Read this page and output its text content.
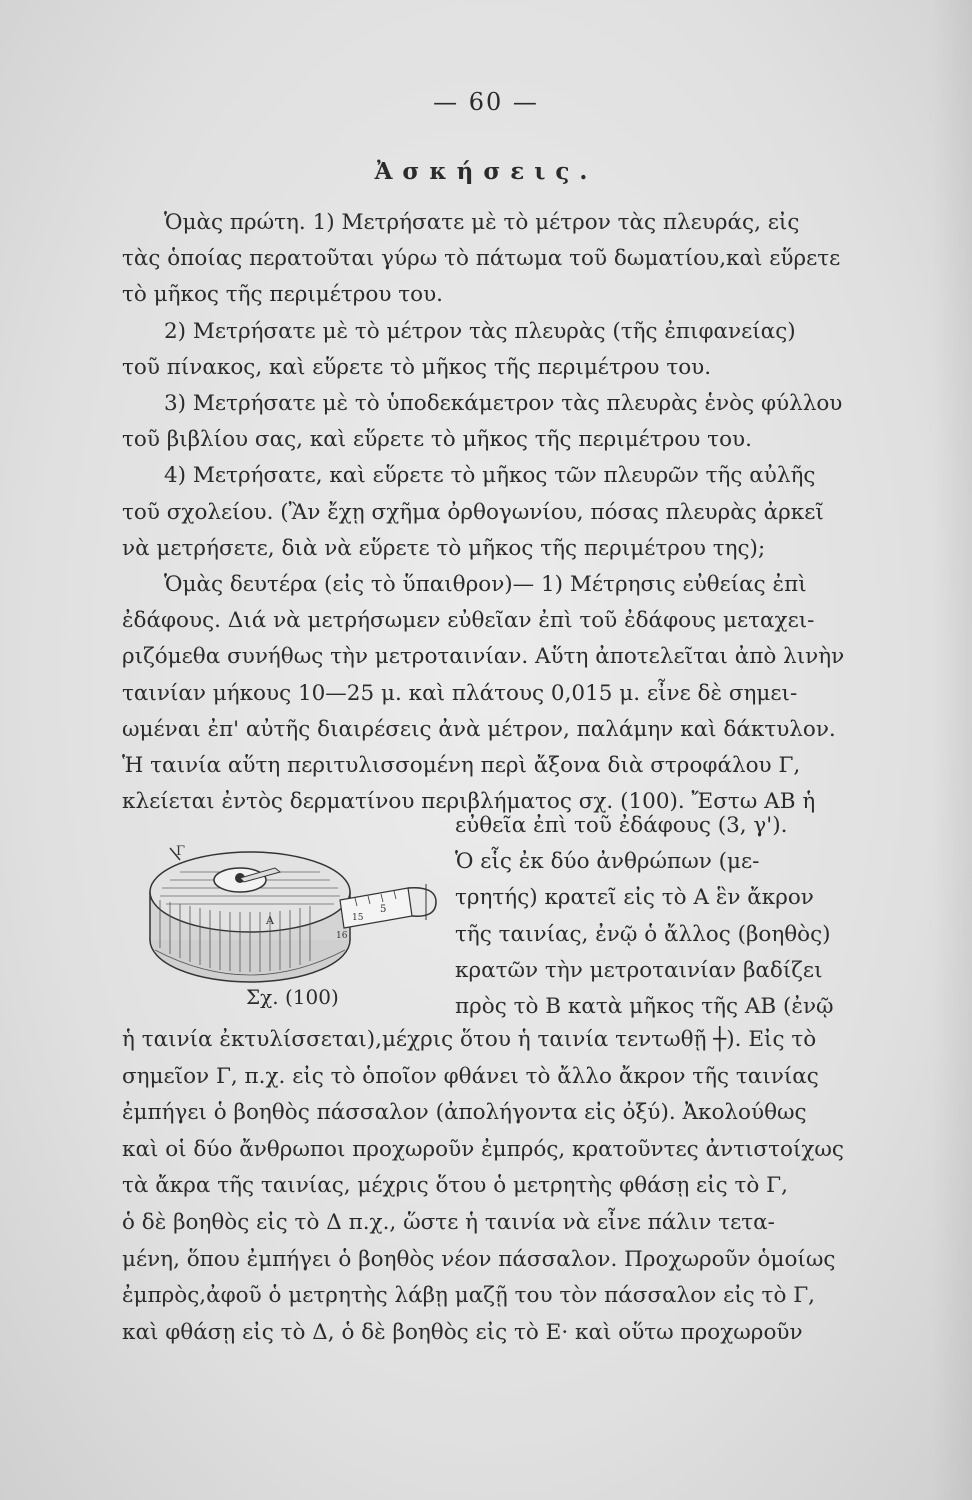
— 60 —
Ἀσκήσεις.
Ὁμὰς πρώτη. 1) Μετρήσατε μὲ τὸ μέτρον τὰς πλευράς, εἰς
τὰς ὁποίας περατοῦται γύρω τὸ πάτωμα τοῦ δωματίου,καὶ εὕρετε
τὸ μῆκος τῆς περιμέτρου του.
2) Μετρήσατε μὲ τὸ μέτρον τὰς πλευρὰς (τῆς ἐπιφανείας)
τοῦ πίνακος, καὶ εὕρετε τὸ μῆκος τῆς περιμέτρου του.
3) Μετρήσατε μὲ τὸ ὑποδεκάμετρον τὰς πλευρὰς ἑνὸς φύλλου
τοῦ βιβλίου σας, καὶ εὕρετε τὸ μῆκος τῆς περιμέτρου του.
4) Μετρήσατε, καὶ εὕρετε τὸ μῆκος τῶν πλευρῶν τῆς αὐλῆς
τοῦ σχολείου. (Ἂν ἔχῃ σχῆμα ὀρθογωνίου, πόσας πλευρὰς ἀρκεῖ
νὰ μετρήσετε, διὰ νὰ εὕρετε τὸ μῆκος τῆς περιμέτρου της);
Ὁμὰς δευτέρα (εἰς τὸ ὕπαιθρον)— 1) Μέτρησις εὐθείας ἐπὶ
ἐδάφους. Διά νὰ μετρήσωμεν εὐθεῖαν ἐπὶ τοῦ ἐδάφους μεταχει-
ριζόμεθα συνήθως τὴν μετροταινίαν. Αὕτη ἀποτελεῖται ἀπὸ λινὴν
ταινίαν μήκους 10—25 μ. καὶ πλάτους 0,015 μ. εἶνε δὲ σημει-
ωμέναι ἐπ' αὐτῆς διαιρέσεις ἀνὰ μέτρον, παλάμην καὶ δάκτυλον.
Ἡ ταινία αὕτη περιτυλισσομένη περὶ ἄξονα διὰ στροφάλου Γ,
κλείεται ἐντὸς δερματίνου περιβλήματος σχ. (100). Ἔστω ΑΒ ἡ
εὐθεῖα ἐπὶ τοῦ ἐδάφους (3, γ').
Ὁ εἷς ἐκ δύο ἀνθρώπων (με-
τρητής) κρατεῖ εἰς τὸ Α ἓν ἄκρον
τῆς ταινίας, ἐνῷ ὁ ἄλλος (βοηθὸς)
κρατῶν τὴν μετροταινίαν βαδίζει
πρὸς τὸ Β κατὰ μῆκος τῆς ΑΒ (ἐνῷ
Γ
Α
5
15
16
Σχ. (100)
ἡ ταινία ἐκτυλίσσεται),μέχρις ὅτου ἡ ταινία τεντωθῇ ┼). Εἰς τὸ
σημεῖον Γ, π.χ. εἰς τὸ ὁποῖον φθάνει τὸ ἄλλο ἄκρον τῆς ταινίας
ἐμπήγει ὁ βοηθὸς πάσσαλον (ἀπολήγοντα εἰς ὀξύ). Ἀκολούθως
καὶ οἱ δύο ἄνθρωποι προχωροῦν ἐμπρός, κρατοῦντες ἀντιστοίχως
τὰ ἄκρα τῆς ταινίας, μέχρις ὅτου ὁ μετρητὴς φθάσῃ εἰς τὸ Γ,
ὁ δὲ βοηθὸς εἰς τὸ Δ π.χ., ὥστε ἡ ταινία νὰ εἶνε πάλιν τετα-
μένη, ὅπου ἐμπήγει ὁ βοηθὸς νέον πάσσαλον. Προχωροῦν ὁμοίως
ἐμπρὸς,ἀφοῦ ὁ μετρητὴς λάβῃ μαζῇ του τὸν πάσσαλον εἰς τὸ Γ,
καὶ φθάσῃ εἰς τὸ Δ, ὁ δὲ βοηθὸς εἰς τὸ Ε· καὶ οὕτω προχωροῦν
